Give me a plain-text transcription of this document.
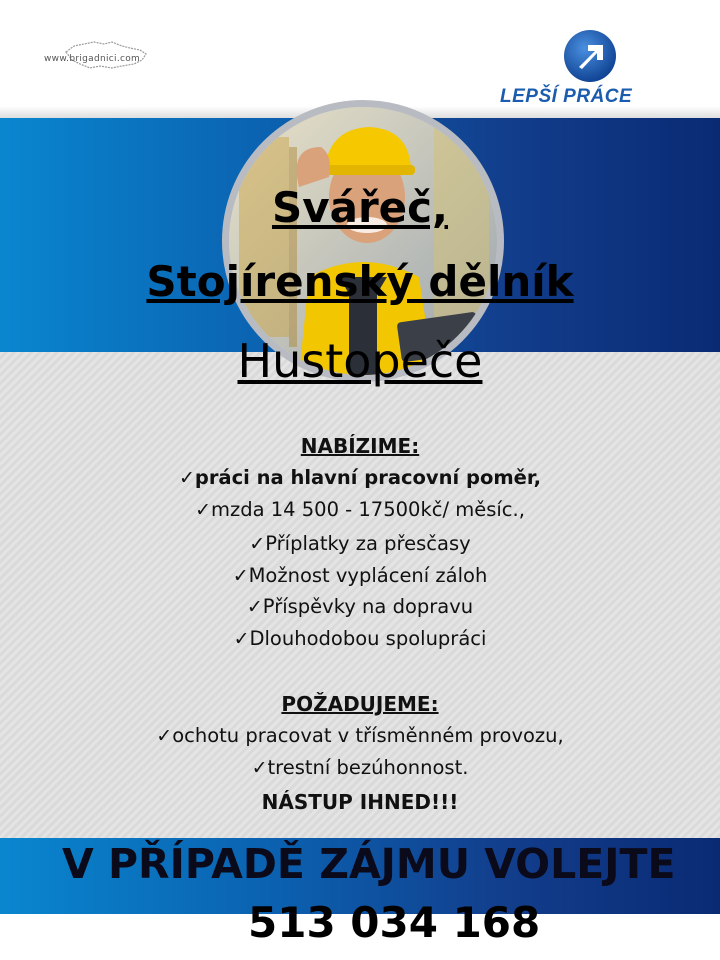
www.brigadnici.com
LEPŠÍ PRÁCE
Svářeč,
Stojírenský dělník
Hustopeče
NABÍZIME:
✓práci na hlavní pracovní poměr,
✓mzda 14 500 - 17500kč/ měsíc.,
✓Příplatky za přesčasy
✓Možnost vyplácení záloh
✓Příspěvky na dopravu
✓Dlouhodobou spolupráci
POŽADUJEME:
✓ochotu pracovat v třísměnném provozu,
✓trestní bezúhonnost.
NÁSTUP IHNED!!!
V PŘÍPADĚ ZÁJMU VOLEJTE
513 034 168
